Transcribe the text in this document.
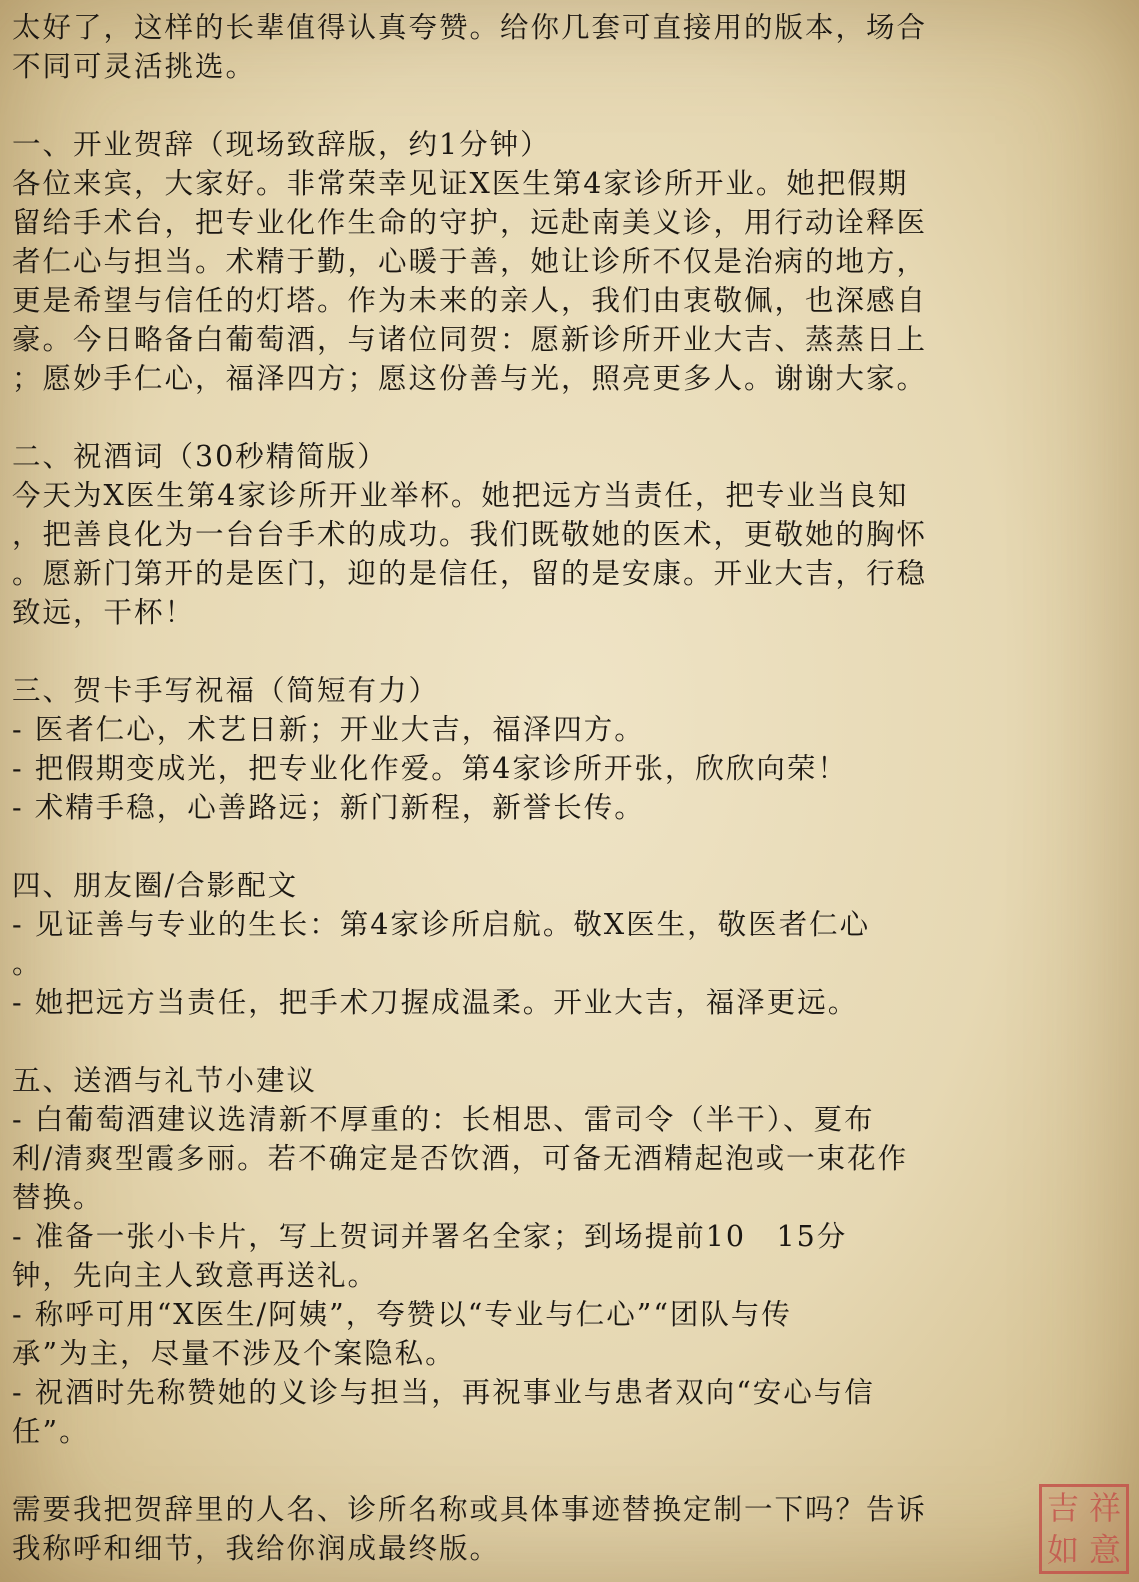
太好了，这样的长辈值得认真夸赞。给你几套可直接用的版本，场合

不同可灵活挑选。

一、开业贺辞（现场致辞版，约1分钟）

各位来宾，大家好。非常荣幸见证X医生第4家诊所开业。她把假期

留给手术台，把专业化作生命的守护，远赴南美义诊，用行动诠释医

者仁心与担当。术精于勤，心暖于善，她让诊所不仅是治病的地方，

更是希望与信任的灯塔。作为未来的亲人，我们由衷敬佩，也深感自

豪。今日略备白葡萄酒，与诸位同贺：愿新诊所开业大吉、蒸蒸日上

；愿妙手仁心，福泽四方；愿这份善与光，照亮更多人。谢谢大家。

二、祝酒词（30秒精简版）

今天为X医生第4家诊所开业举杯。她把远方当责任，把专业当良知

，把善良化为一台台手术的成功。我们既敬她的医术，更敬她的胸怀

。愿新门第开的是医门，迎的是信任，留的是安康。开业大吉，行稳

致远，干杯！

三、贺卡手写祝福（简短有力）

- 医者仁心，术艺日新；开业大吉，福泽四方。

- 把假期变成光，把专业化作爱。第4家诊所开张，欣欣向荣！

- 术精手稳，心善路远；新门新程，新誉长传。

四、朋友圈/合影配文

- 见证善与专业的生长：第4家诊所启航。敬X医生，敬医者仁心

。

- 她把远方当责任，把手术刀握成温柔。开业大吉，福泽更远。

五、送酒与礼节小建议

- 白葡萄酒建议选清新不厚重的：长相思、雷司令（半干）、夏布

利/清爽型霞多丽。若不确定是否饮酒，可备无酒精起泡或一束花作

替换。

- 准备一张小卡片，写上贺词并署名全家；到场提前10　15分

钟，先向主人致意再送礼。

- 称呼可用“X医生/阿姨”，夸赞以“专业与仁心”“团队与传

承”为主，尽量不涉及个案隐私。

- 祝酒时先称赞她的义诊与担当，再祝事业与患者双向“安心与信

任”。

需要我把贺辞里的人名、诊所名称或具体事迹替换定制一下吗？告诉

我称呼和细节，我给你润成最终版。

吉 祥
如 意
